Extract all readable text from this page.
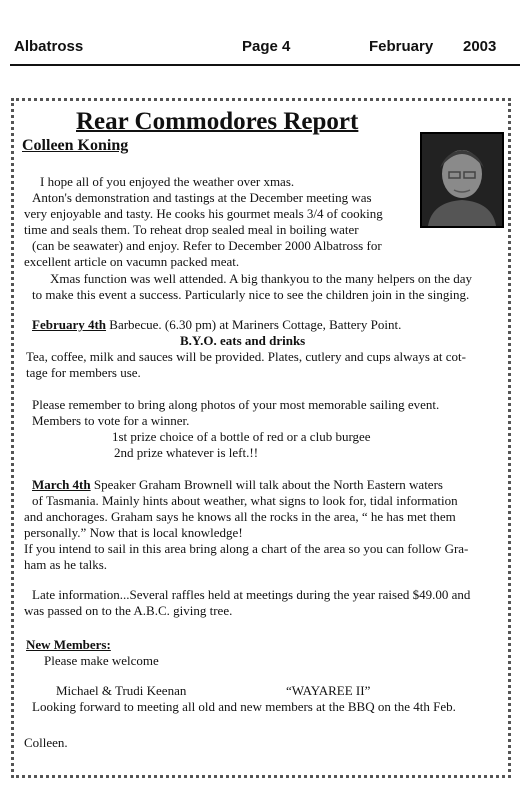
Albatross	Page 4	February 2003
Rear Commodores Report
Colleen Koning
I hope all of you enjoyed the weather over xmas.
Anton's demonstration and tastings at the December meeting was
very enjoyable and tasty. He cooks his gourmet meals 3/4 of cooking
time and seals them. To reheat drop sealed meal in boiling water
(can be seawater) and enjoy. Refer to December 2000 Albatross for
excellent article on vacumn packed meat.
Xmas function was well attended. A big thankyou to the many helpers on the day
to make this event a success. Particularly nice to see the children join in the singing.
February 4th Barbecue. (6.30 pm) at Mariners Cottage, Battery Point.
B.Y.O. eats and drinks
Tea, coffee, milk and sauces will be provided. Plates, cutlery and cups always at cot-
tage for members use.
Please remember to bring along photos of your most memorable sailing event.
Members to vote for a winner.
1st prize choice of a bottle of red or a club burgee
2nd prize whatever is left.!!
March 4th Speaker Graham Brownell will talk about the North Eastern waters
of Tasmania. Mainly hints about weather, what signs to look for, tidal information
and anchorages. Graham says he knows all the rocks in the area, “ he has met them
personally.” Now that is local knowledge!
If you intend to sail in this area bring along a chart of the area so you can follow Gra-
ham as he talks.
Late information...Several raffles held at meetings during the year raised $49.00 and
was passed on to the A.B.C. giving tree.
New Members:
Please make welcome
Michael & Trudi Keenan	“WAYAREE II”
Looking forward to meeting all old and new members at the BBQ on the 4th Feb.
Colleen.
